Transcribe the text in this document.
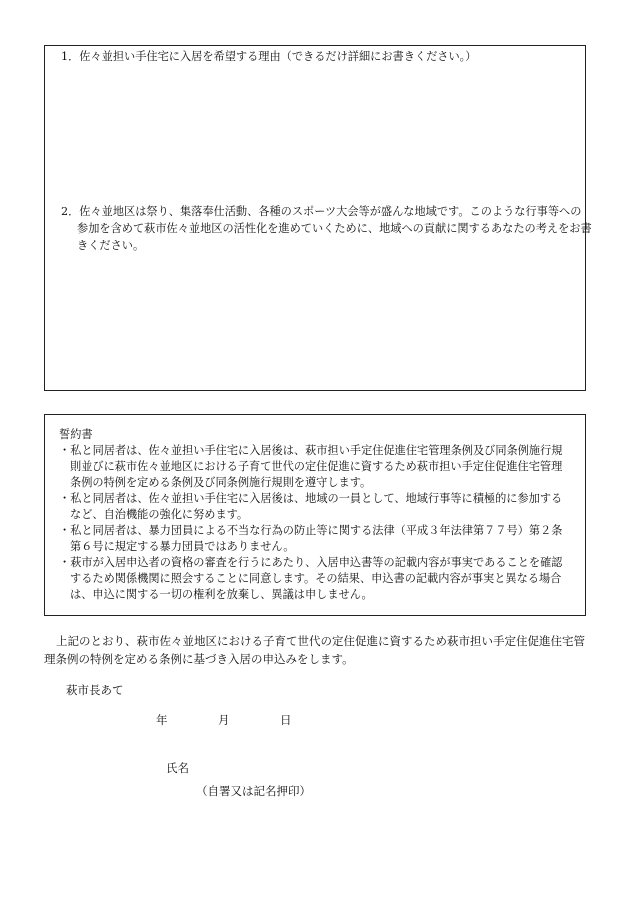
1．佐々並担い手住宅に入居を希望する理由（できるだけ詳細にお書きください。）
2．佐々並地区は祭り、集落奉仕活動、各種のスポーツ大会等が盛んな地域です。このような行事等への参加を含めて萩市佐々並地区の活性化を進めていくために、地域への貢献に関するあなたの考えをお書きください。
誓約書
・私と同居者は、佐々並担い手住宅に入居後は、萩市担い手定住促進住宅管理条例及び同条例施行規則並びに萩市佐々並地区における子育て世代の定住促進に資するため萩市担い手定住促進住宅管理条例の特例を定める条例及び同条例施行規則を遵守します。
・私と同居者は、佐々並担い手住宅に入居後は、地域の一員として、地域行事等に積極的に参加するなど、自治機能の強化に努めます。
・私と同居者は、暴力団員による不当な行為の防止等に関する法律（平成３年法律第７７号）第２条第６号に規定する暴力団員ではありません。
・萩市が入居申込者の資格の審査を行うにあたり、入居申込書等の記載内容が事実であることを確認するため関係機関に照会することに同意します。その結果、申込書の記載内容が事実と異なる場合は、申込に関する一切の権利を放棄し、異議は申しません。
上記のとおり、萩市佐々並地区における子育て世代の定住促進に資するため萩市担い手定住促進住宅管理条例の特例を定める条例に基づき入居の申込みをします。
萩市長あて
年	月	日
氏名
（自署又は記名押印）
